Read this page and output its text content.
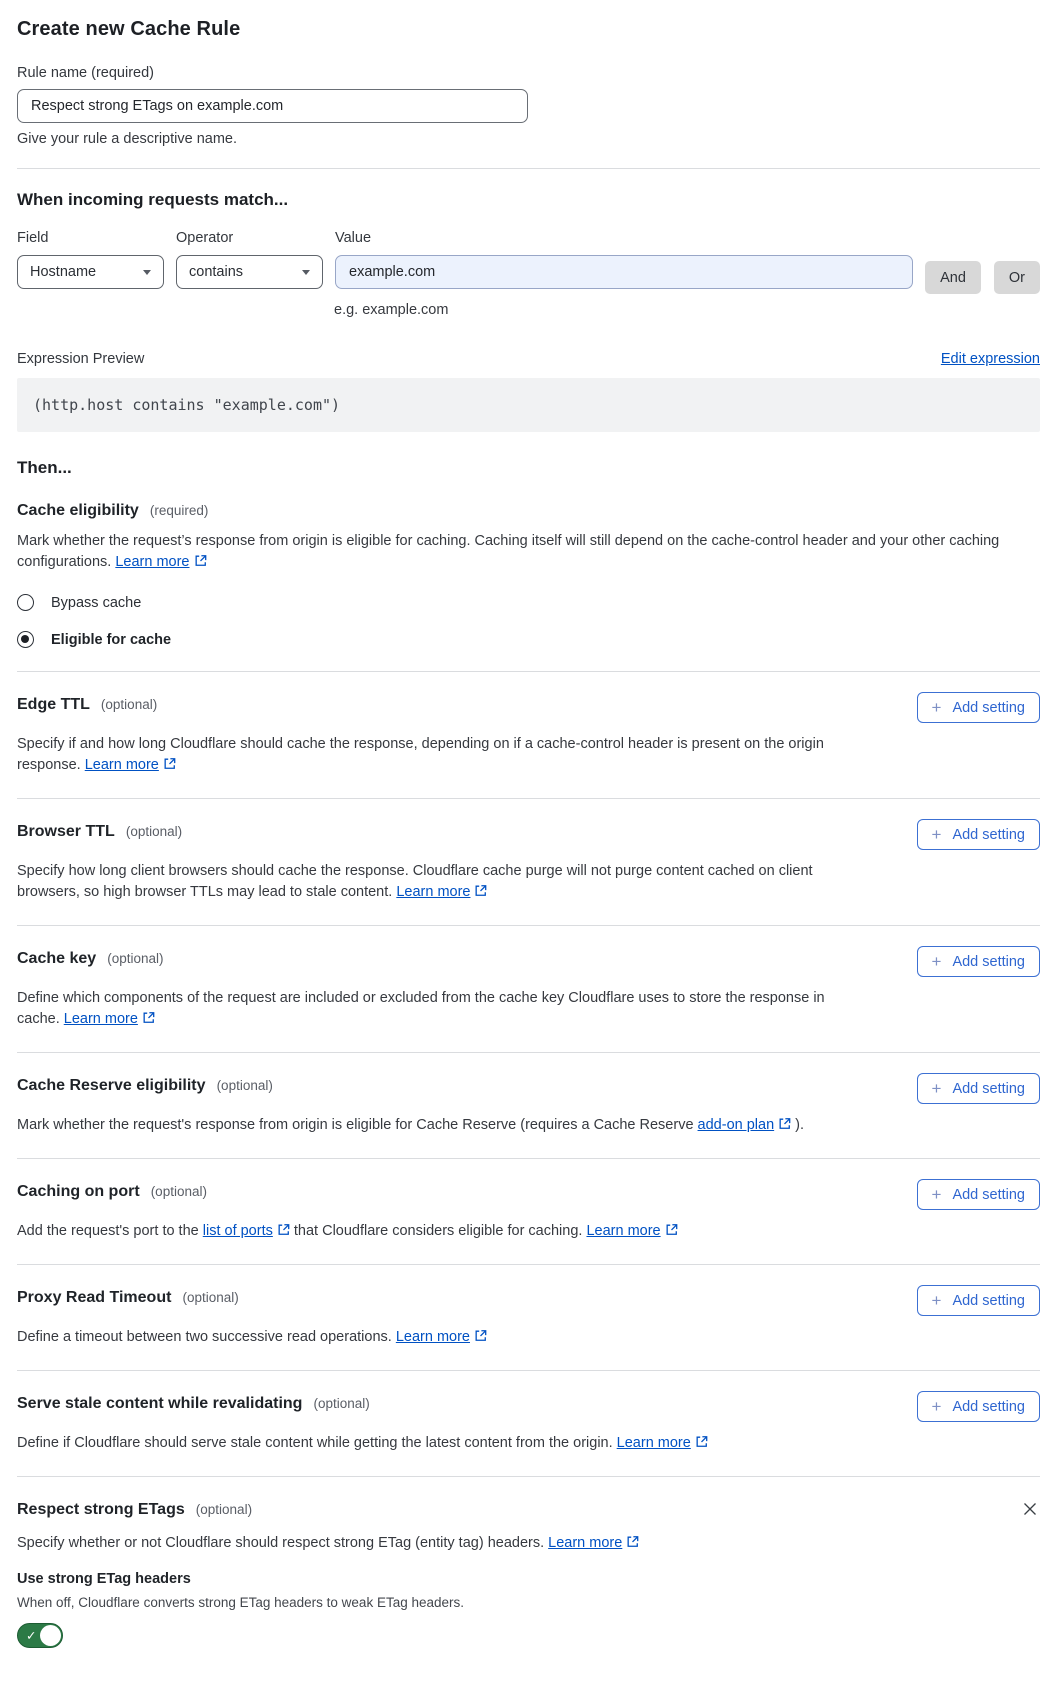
Create new Cache Rule
Rule name (required)
Respect strong ETags on example.com
Give your rule a descriptive name.
When incoming requests match...
Field
Hostname
Operator
contains
Value
example.com
And	Or
e.g. example.com
Expression Preview	Edit expression
(http.host contains "example.com")
Then...
Cache eligibility (required)

Mark whether the request’s response from origin is eligible for caching. Caching itself will still depend on the cache-control header and your other caching configurations. Learn more

Bypass cache
Eligible for cache
Edge TTL (optional)	+ Add setting

Specify if and how long Cloudflare should cache the response, depending on if a cache-control header is present on the origin response. Learn more

Browser TTL (optional)	+ Add setting

Specify how long client browsers should cache the response. Cloudflare cache purge will not purge content cached on client browsers, so high browser TTLs may lead to stale content. Learn more

Cache key (optional)	+ Add setting

Define which components of the request are included or excluded from the cache key Cloudflare uses to store the response in cache. Learn more

Cache Reserve eligibility (optional)	+ Add setting

Mark whether the request's response from origin is eligible for Cache Reserve (requires a Cache Reserve add-on plan ).

Caching on port (optional)	+ Add setting

Add the request's port to the list of ports that Cloudflare considers eligible for caching. Learn more

Proxy Read Timeout (optional)	+ Add setting

Define a timeout between two successive read operations. Learn more

Serve stale content while revalidating (optional)	+ Add setting

Define if Cloudflare should serve stale content while getting the latest content from the origin. Learn more

Respect strong ETags (optional)

Specify whether or not Cloudflare should respect strong ETag (entity tag) headers. Learn more

Use strong ETag headers
When off, Cloudflare converts strong ETag headers to weak ETag headers.
✓
